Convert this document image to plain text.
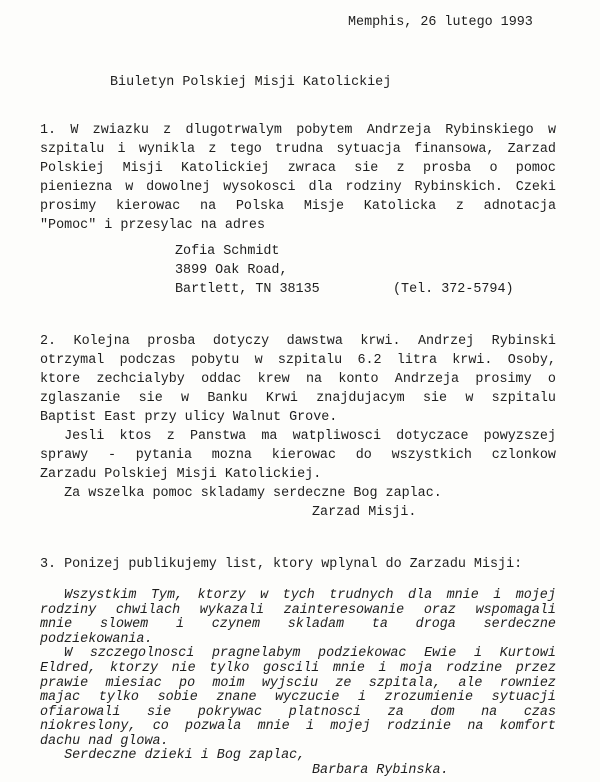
Memphis, 26 lutego 1993
Biuletyn Polskiej Misji Katolickiej
1. W zwiazku z dlugotrwalym pobytem Andrzeja Rybinskiego w
szpitalu i wynikla z tego trudna sytuacja finansowa, Zarzad
Polskiej Misji Katolickiej zwraca sie z prosba o pomoc
pienieznа w dowolnej wysokosci dla rodziny Rybinskich. Czeki
prosimy kierowac na Polska Misje Katolicka z adnotacja
"Pomoc" i przesylac na adres
Zofia Schmidt
3899 Oak Road,
Bartlett, TN 38135	(Tel. 372-5794)
2. Kolejna prosba dotyczy dawstwa krwi. Andrzej Rybinski
otrzymal podczas pobytu w szpitalu 6.2 litra krwi. Osoby,
ktore zechcialyby oddac krew na konto Andrzeja prosimy o
zglaszanie sie w Banku Krwi znajdujacym sie w szpitalu
Baptist East przy ulicy Walnut Grove.
Jesli ktos z Panstwa ma watpliwosci dotyczace powyzszej
sprawy - pytania mozna kierowac do wszystkich czlonkow
Zarzadu Polskiej Misji Katolickiej.
Za wszelka pomoc skladamy serdeczne Bog zaplac.
Zarzad Misji.
3. Ponizej publikujemy list, ktory wplynal do Zarzadu Misji:
Wszystkim Tym, ktorzy w tych trudnych dla mnie i mojej
rodziny chwilach wykazali zainteresowanie oraz wspomagali
mnie slowem i czynem skladam ta droga serdeczne
podziekowania.
W szczegolnosci pragnelabym podziekowac Ewie i Kurtowi
Eldred, ktorzy nie tylko goscili mnie i moja rodzine przez
prawie miesiac po moim wyjsciu ze szpitala, ale rowniez
majac tylko sobie znane wyczucie i zrozumienie sytuacji
ofiarowali sie pokrywac platnosci za dom na czas
niokreslony, co pozwala mnie i mojej rodzinie na komfort
dachu nad glowa.
Serdeczne dzieki i Bog zaplac,
Barbara Rybinska.
